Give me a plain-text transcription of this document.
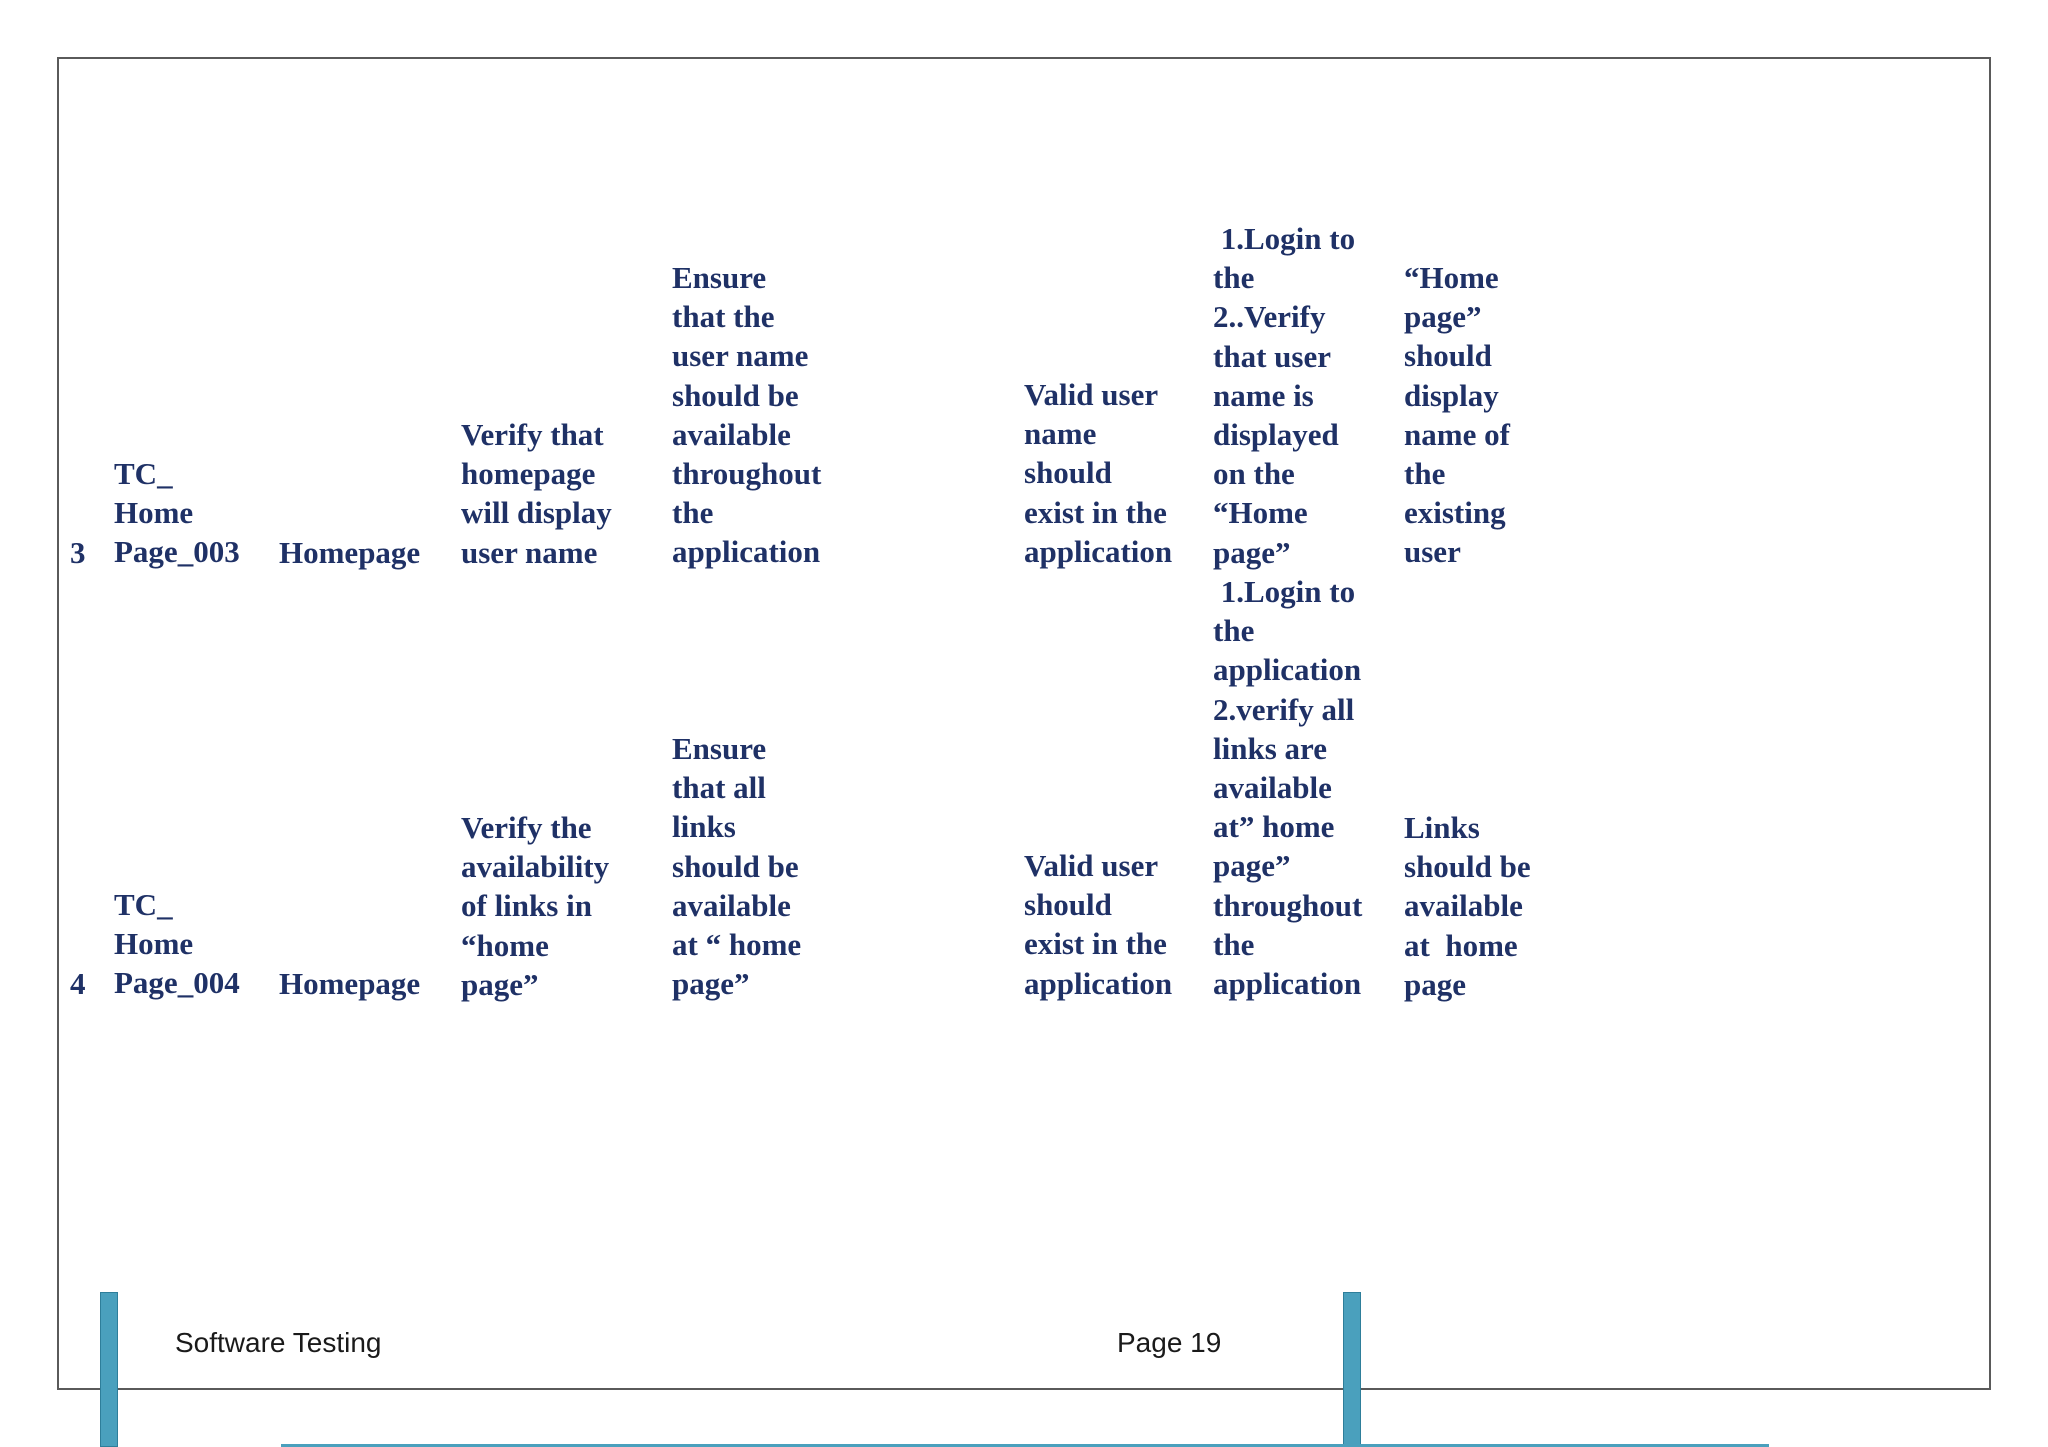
3
TC_
Home
Page_003 Homepage
Verify that
homepage
will display
user name
Ensure
that the
user name
should be
available
throughout
the
application
Valid user
name
should
exist in the
application
1.Login to
the
2..Verify
that user
name is
displayed
on the
“Home
page”
“Home
page”
should
display
name of
the
existing
user
4
TC_
Home
Page_004 Homepage
Verify the
availability
of links in
“home
page”
Ensure
that all
links
should be
available
at “ home
page”
Valid user
should
exist in the
application
1.Login to
the
application
2.verify all
links are
available
at” home
page”
throughout
the
application
Links
should be
available
at  home
page
Software Testing	Page 19
